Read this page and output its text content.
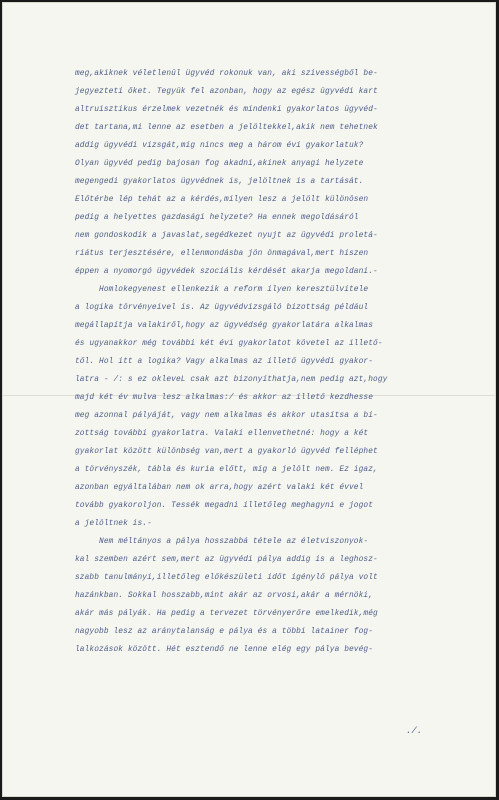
meg,akiknek véletlenül ügyvéd rokonuk van, aki szivességből be-
jegyezteti őket. Tegyük fel azonban, hogy az egész ügyvédi kart
altruisztikus érzelmek vezetnék és mindenki gyakorlatos ügyvéd-
det tartana,mi lenne az esetben a jelöltekkel,akik nem tehetnek
addig ügyvédi vizsgát,míg nincs meg a három évi gyakorlatuk?
Olyan ügyvéd pedig bajosan fog akadni,akinek anyagi helyzete
megengedi gyakorlatos ügyvédnek is, jelöltnek is a tartását.
Előtérbe lép tehát az a kérdés,milyen lesz a jelölt különösen
pedig a helyettes gazdasági helyzete? Ha ennek megoldásáról
nem gondoskodik a javaslat,segédkezet nyujt az ügyvédi proletá-
riátus terjesztésére, ellenmondásba jön önmagával,mert hiszen
éppen a nyomorgó ügyvédek szociális kérdését akarja megoldani.-
Homlokegyenest ellenkezik a reform ilyen keresztülvitele
a logika törvényeivel is. Az ügyvédvizsgáló bizottság például
megállapítja valakiről,hogy az ügyvédség gyakorlatára alkalmas
és ugyanakkor még további két évi gyakorlatot követel az illető-
től. Hol itt a logika? Vagy alkalmas az illető ügyvédi gyakor-
latra - /: s ez okleveL csak azt bizonyíthatja,nem pedig azt,hogy
majd két év mulva lesz alkalmas:/ és akkor az illető kezdhesse
meg azonnal pályáját, vagy nem alkalmas és akkor utasítsa a bi-
zottság további gyakorlatra. Valaki ellenvethetné: hogy a két
gyakorlat között különbség van,mert a gyakorló ügyvéd felléphet
a törvényszék, tábla és kuria előtt, míg a jelölt nem. Ez igaz,
azonban egyáltalában nem ok arra,hogy azért valaki két évvel
tovább gyakoroljon. Tessék megadni illetőleg meghagyni e jogot
a jelöltnek is.-
Nem méltányos a pálya hosszabbá tétele az életviszonyok-
kal szemben azért sem,mert az ügyvédi pálya addig is a leghosz-
szabb tanulmányi,illetőleg előkészületi időt igénylő pálya volt
hazánkban. Sokkal hosszabb,mint akár az orvosi,akár a mérnöki,
akár más pályák. Ha pedig a tervezet törvényerőre emelkedik,még
nagyobb lesz az aránytalanság e pálya és a többi latainer fog-
lalkozások között. Hét esztendő ne lenne elég egy pálya bevég-
./.
